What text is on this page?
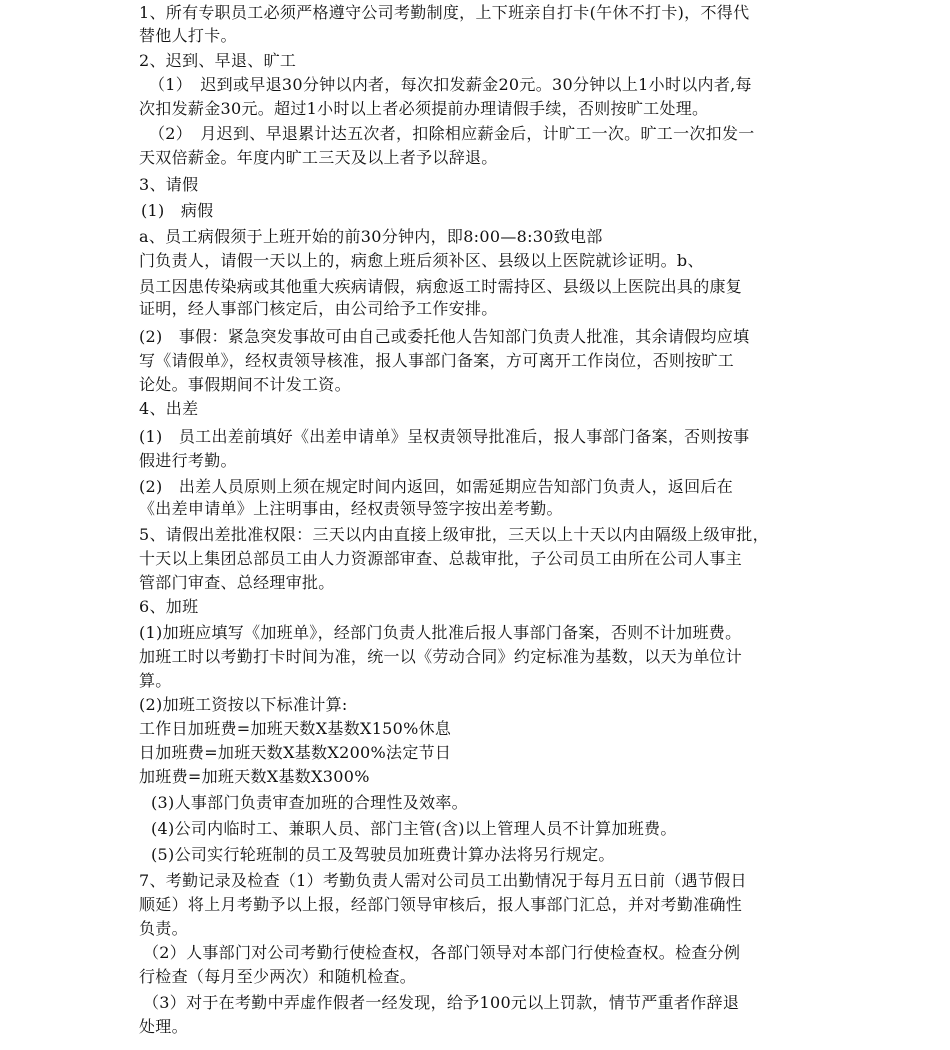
1、所有专职员工必须严格遵守公司考勤制度，上下班亲自打卡(午休不打卡)，不得代
替他人打卡。
2、迟到、早退、旷工
（1）　迟到或早退30分钟以内者，每次扣发薪金20元。30分钟以上1小时以内者,每
次扣发薪金30元。超过1小时以上者必须提前办理请假手续，否则按旷工处理。
（2）　月迟到、早退累计达五次者，扣除相应薪金后，计旷工一次。旷工一次扣发一
天双倍薪金。年度内旷工三天及以上者予以辞退。
3、请假
(1)　病假
a、员工病假须于上班开始的前30分钟内，即8:00—8:30致电部
门负责人，请假一天以上的，病愈上班后须补区、县级以上医院就诊证明。b、
员工因患传染病或其他重大疾病请假，病愈返工时需持区、县级以上医院出具的康复
证明，经人事部门核定后，由公司给予工作安排。
(2)　事假：紧急突发事故可由自己或委托他人告知部门负责人批准，其余请假均应填
写《请假单》，经权责领导核准，报人事部门备案，方可离开工作岗位，否则按旷工
论处。事假期间不计发工资。
4、出差
(1)　员工出差前填好《出差申请单》呈权责领导批准后，报人事部门备案，否则按事
假进行考勤。
(2)　出差人员原则上须在规定时间内返回，如需延期应告知部门负责人，返回后在
《出差申请单》上注明事由，经权责领导签字按出差考勤。
5、请假出差批准权限：三天以内由直接上级审批，三天以上十天以内由隔级上级审批，
十天以上集团总部员工由人力资源部审查、总裁审批，子公司员工由所在公司人事主
管部门审查、总经理审批。
6、加班
(1)加班应填写《加班单》，经部门负责人批准后报人事部门备案，否则不计加班费。
加班工时以考勤打卡时间为准，统一以《劳动合同》约定标准为基数，以天为单位计
算。
(2)加班工资按以下标准计算:
工作日加班费=加班天数X基数X150%休息
日加班费=加班天数X基数X200%法定节日
加班费=加班天数X基数X300%
(3)人事部门负责审查加班的合理性及效率。
(4)公司内临时工、兼职人员、部门主管(含)以上管理人员不计算加班费。
(5)公司实行轮班制的员工及驾驶员加班费计算办法将另行规定。
7、考勤记录及检查（1）考勤负责人需对公司员工出勤情况于每月五日前（遇节假日
顺延）将上月考勤予以上报，经部门领导审核后，报人事部门汇总，并对考勤准确性
负责。
（2）人事部门对公司考勤行使检查权，各部门领导对本部门行使检查权。检查分例
行检查（每月至少两次）和随机检查。
（3）对于在考勤中弄虚作假者一经发现，给予100元以上罚款，情节严重者作辞退
处理。
